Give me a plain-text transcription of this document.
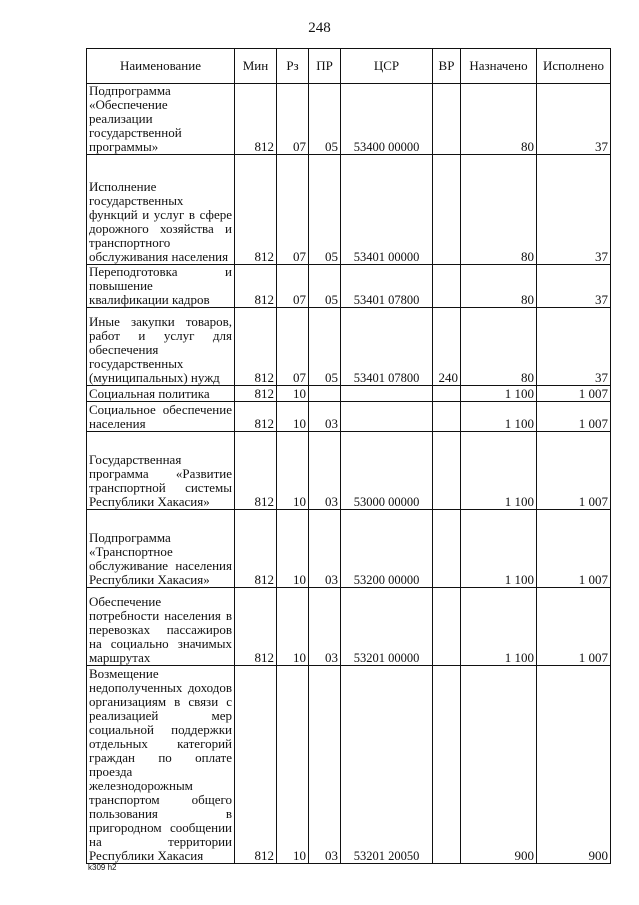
248
Наименование	Мин	Рз	ПР	ЦСР	ВР	Назначено	Исполнено
Подпрограмма «Обеспечение реализации государственной программы»	812	07	05	53400 00000		80	37
Исполнение государственных функций и услуг в сфере дорожного хозяйства и транспортного обслуживания населения	812	07	05	53401 00000		80	37
Переподготовка и повышение квалификации кадров	812	07	05	53401 07800		80	37
Иные закупки товаров, работ и услуг для обеспечения государственных (муниципальных) нужд	812	07	05	53401 07800	240	80	37
Социальная политика	812	10				1 100	1 007
Социальное обеспечение населения	812	10	03			1 100	1 007
Государственная программа «Развитие транспортной системы Республики Хакасия»	812	10	03	53000 00000		1 100	1 007
Подпрограмма «Транспортное обслуживание населения Республики Хакасия»	812	10	03	53200 00000		1 100	1 007
Обеспечение потребности населения в перевозках пассажиров на социально значимых маршрутах	812	10	03	53201 00000		1 100	1 007
Возмещение недополученных доходов организациям в связи с реализацией мер социальной поддержки отдельных категорий граждан по оплате проезда железнодорожным транспортом общего пользования в пригородном сообщении на территории Республики Хакасия	812	10	03	53201 20050		900	900
k309 h2
